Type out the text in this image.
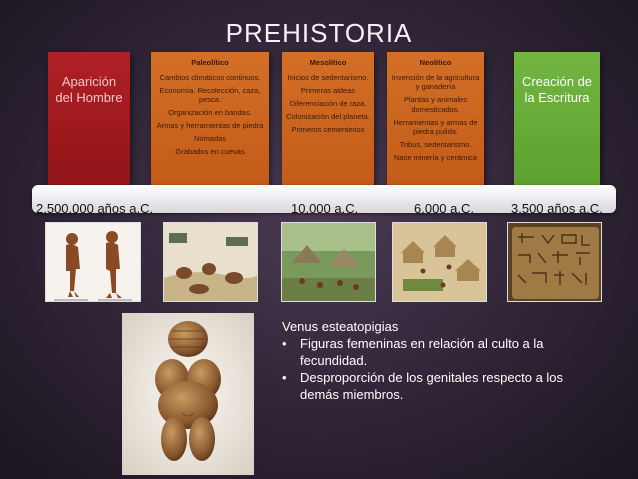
PREHISTORIA
Aparición del Hombre
Paleolítico
Cambios climáticos continuos.
Economía. Recolección, caza, pesca.
Organización en bandas.
Armas y herramientas de piedra
Nómadas
Grabados en cuevas
Mesolítico
Inicios de sedentarismo.
Primeras aldeas
Diferenciación de raza.
Colonización del planeta.
Primeros cementerios
Neolítico
Invención de la agricultura y ganadería
Plantas y animales domesticados.
Herramientas y armas de piedra pulida.
Tribus, sedentarismo.
Nace minería y cerámica
Creación de la Escritura
2,500,000 años a.C.	10,000 a.C.	6,000 a.C.	3,500 años a.C.
Venus esteatopigias
• Figuras femeninas en relación al culto a la fecundidad.
• Desproporción de los genitales respecto a los demás miembros.
